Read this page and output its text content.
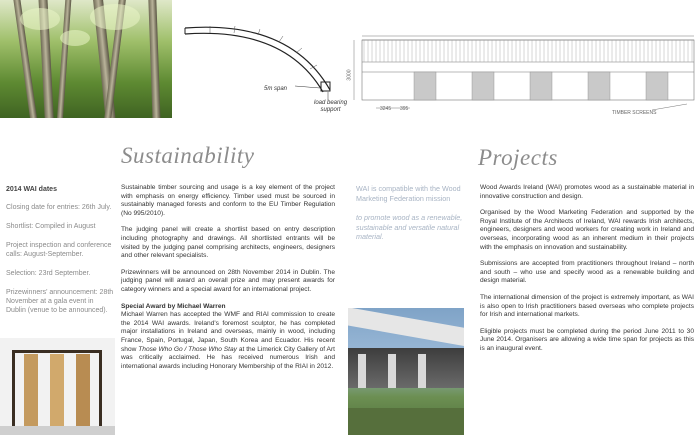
5m span
load bearing
support	3245 395
TIMBER SCREENS
3000
Sustainability	Projects
2014 WAI dates
Closing date for entries: 26th July.
Shortlist: Compiled in August
Project inspection and conference calls: August-September.
Selection: 23rd September.
Prizewinners' announcement: 28th November at a gala event in Dublin (venue to be announced).

Sustainable timber sourcing and usage is a key element of the project with emphasis on energy efficiency. Timber used must be sourced in sustainably managed forests and conform to the EU Timber Regulation (No 995/2010).

The judging panel will create a shortlist based on entry description including photography and drawings. All shortlisted entrants will be visited by the judging panel comprising architects, engineers, designers and other relevant specialists.

Prizewinners will be announced on 28th November 2014 in Dublin. The judging panel will award an overall prize and may present awards for category winners and a special award for an international project.

Special Award by Michael Warren
Michael Warren has accepted the WMF and RIAI commission to create the 2014 WAI awards. Ireland's foremost sculptor, he has completed major installations in Ireland and overseas, mainly in wood, including France, Spain, Portugal, Japan, South Korea and Ecuador. His recent show Those Who Go / Those Who Stay at the Limerick City Gallery of Art was critically acclaimed. He has received numerous Irish and international awards including Honorary Membership of the RIAI in 2012.
WAI is compatible with the Wood Marketing Federation mission
to promote wood as a renewable, sustainable and versatile natural material.

Wood Awards Ireland (WAI) promotes wood as a sustainable material in innovative construction and design.

Organised by the Wood Marketing Federation and supported by the Royal Institute of the Architects of Ireland, WAI rewards Irish architects, engineers, designers and wood workers for creating work in Ireland and overseas, incorporating wood as an inherent medium in their projects with the emphasis on innovation and sustainability.

Submissions are accepted from practitioners throughout Ireland – north and south – who use and specify wood as a renewable building and design material.

The international dimension of the project is extremely important, as WAI is also open to Irish practitioners based overseas who complete projects for Irish and international markets.

Eligible projects must be completed during the period June 2011 to 30 June 2014. Organisers are allowing a wide time span for projects as this is an inaugural event.
